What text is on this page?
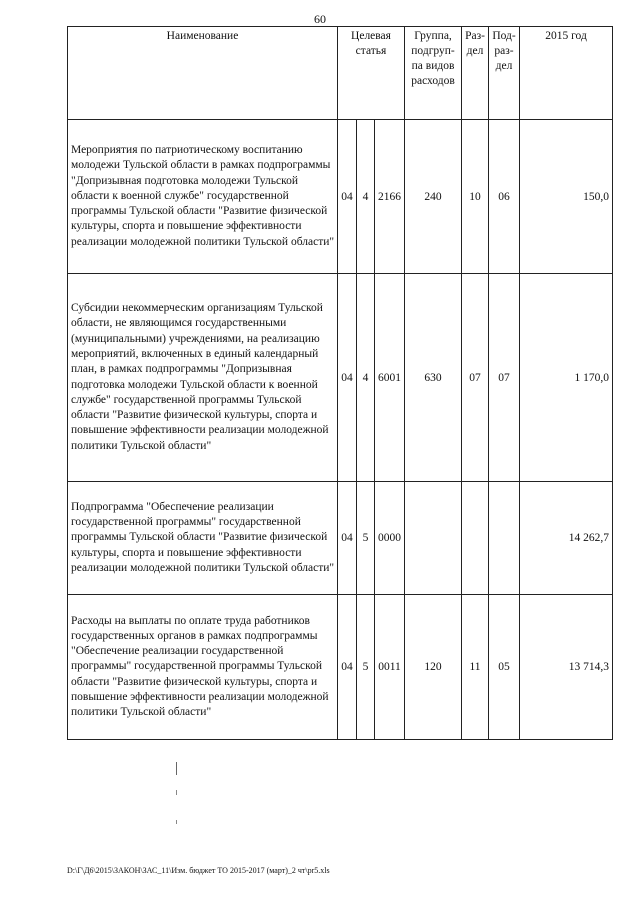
60
Наименование	Целевая статья			Группа, подгруп- па видов расходов	Раз- дел	Под- раз- дел	2015 год
Мероприятия по патриотическому воспитанию молодежи Тульской области в рамках подпрограммы "Допризывная подготовка молодежи Тульской области к военной службе" государственной программы Тульской области "Развитие физической культуры, спорта и повышение эффективности реализации молодежной политики Тульской области"	04	4	2166	240	10	06	150,0
Субсидии некоммерческим организациям Тульской области, не являющимся государственными (муниципальными) учреждениями, на реализацию мероприятий, включенных в единый календарный план, в рамках подпрограммы "Допризывная подготовка молодежи Тульской области к военной службе" государственной программы Тульской области "Развитие физической культуры, спорта и повышение эффективности реализации молодежной политики Тульской области"	04	4	6001	630	07	07	1 170,0
Подпрограмма "Обеспечение реализации государственной программы" государственной программы Тульской области "Развитие физической культуры, спорта и повышение эффективности реализации молодежной политики Тульской области"	04	5	0000				14 262,7
Расходы на выплаты по оплате труда работников государственных органов в рамках подпрограммы "Обеспечение реализации государственной программы" государственной программы Тульской области "Развитие физической культуры, спорта и повышение эффективности реализации молодежной политики Тульской области"	04	5	0011	120	11	05	13 714,3
D:\Г\Д6\2015\ЗАКОН\ЗАС_11\Изм. бюджет ТО 2015-2017 (март)_2 чт\pr5.xls
